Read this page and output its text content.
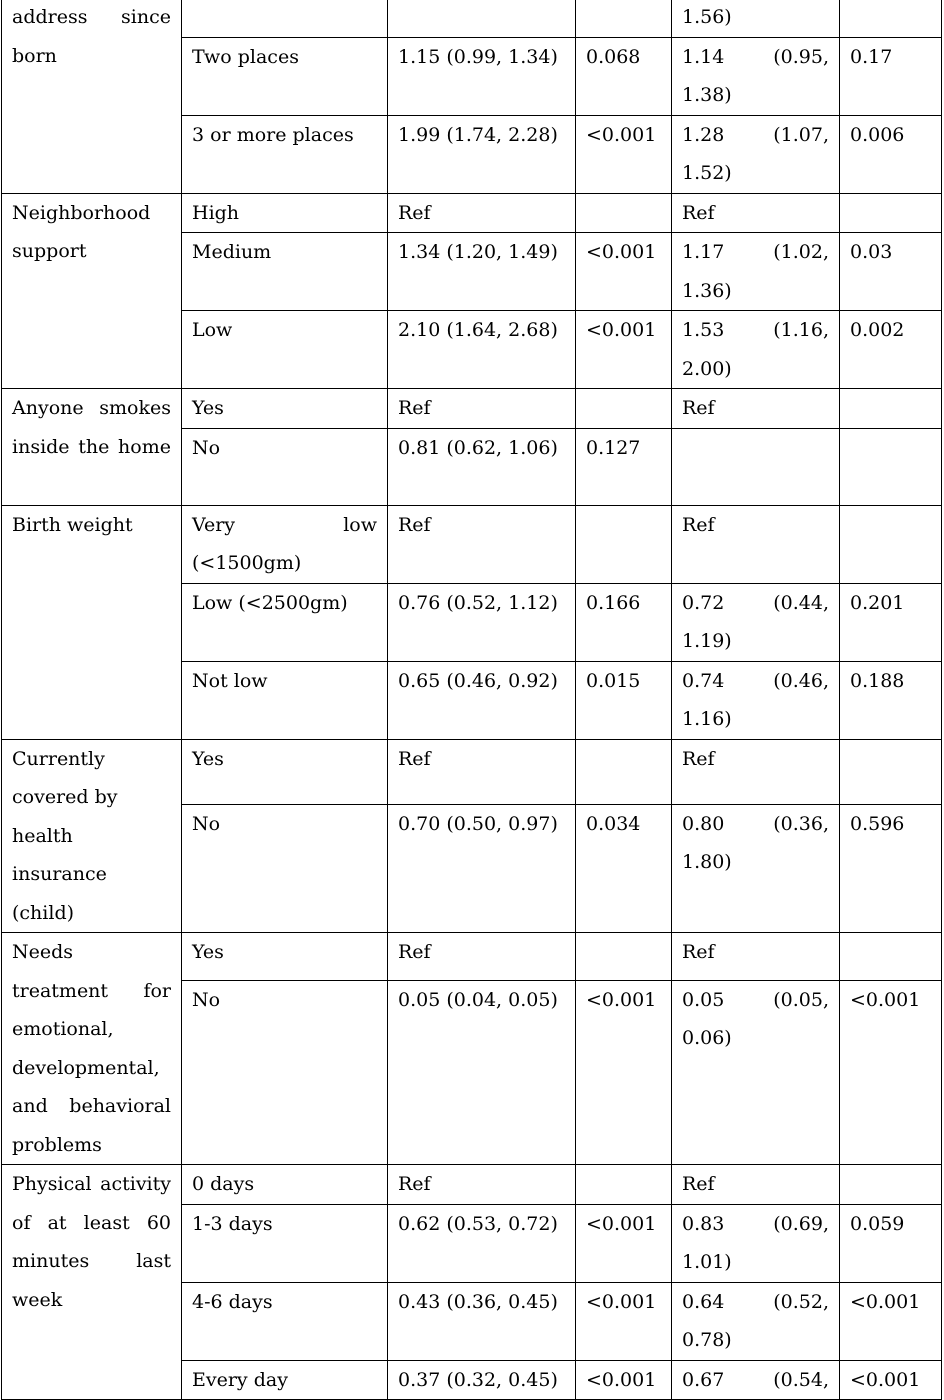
address since born				1.56)	
	Two places	1.15 (0.99, 1.34)	0.068	1.14 (0.95, 1.38)	0.17
	3 or more places	1.99 (1.74, 2.28)	<0.001	1.28 (1.07, 1.52)	0.006
Neighborhood support	High	Ref		Ref	
	Medium	1.34 (1.20, 1.49)	<0.001	1.17 (1.02, 1.36)	0.03
	Low	2.10 (1.64, 2.68)	<0.001	1.53 (1.16, 2.00)	0.002
Anyone smokes inside the home	Yes	Ref		Ref	
	No	0.81 (0.62, 1.06)	0.127		
Birth weight	Very low (<1500gm)	Ref		Ref	
	Low (<2500gm)	0.76 (0.52, 1.12)	0.166	0.72 (0.44, 1.19)	0.201
	Not low	0.65 (0.46, 0.92)	0.015	0.74 (0.46, 1.16)	0.188
Currently covered by health insurance (child)	Yes	Ref		Ref	
	No	0.70 (0.50, 0.97)	0.034	0.80 (0.36, 1.80)	0.596
Needs treatment for emotional, developmental, and behavioral problems	Yes	Ref		Ref	
	No	0.05 (0.04, 0.05)	<0.001	0.05 (0.05, 0.06)	<0.001
Physical activity of at least 60 minutes last week	0 days	Ref		Ref	
	1-3 days	0.62 (0.53, 0.72)	<0.001	0.83 (0.69, 1.01)	0.059
	4-6 days	0.43 (0.36, 0.45)	<0.001	0.64 (0.52, 0.78)	<0.001
	Every day	0.37 (0.32, 0.45)	<0.001	0.67 (0.54,	<0.001
